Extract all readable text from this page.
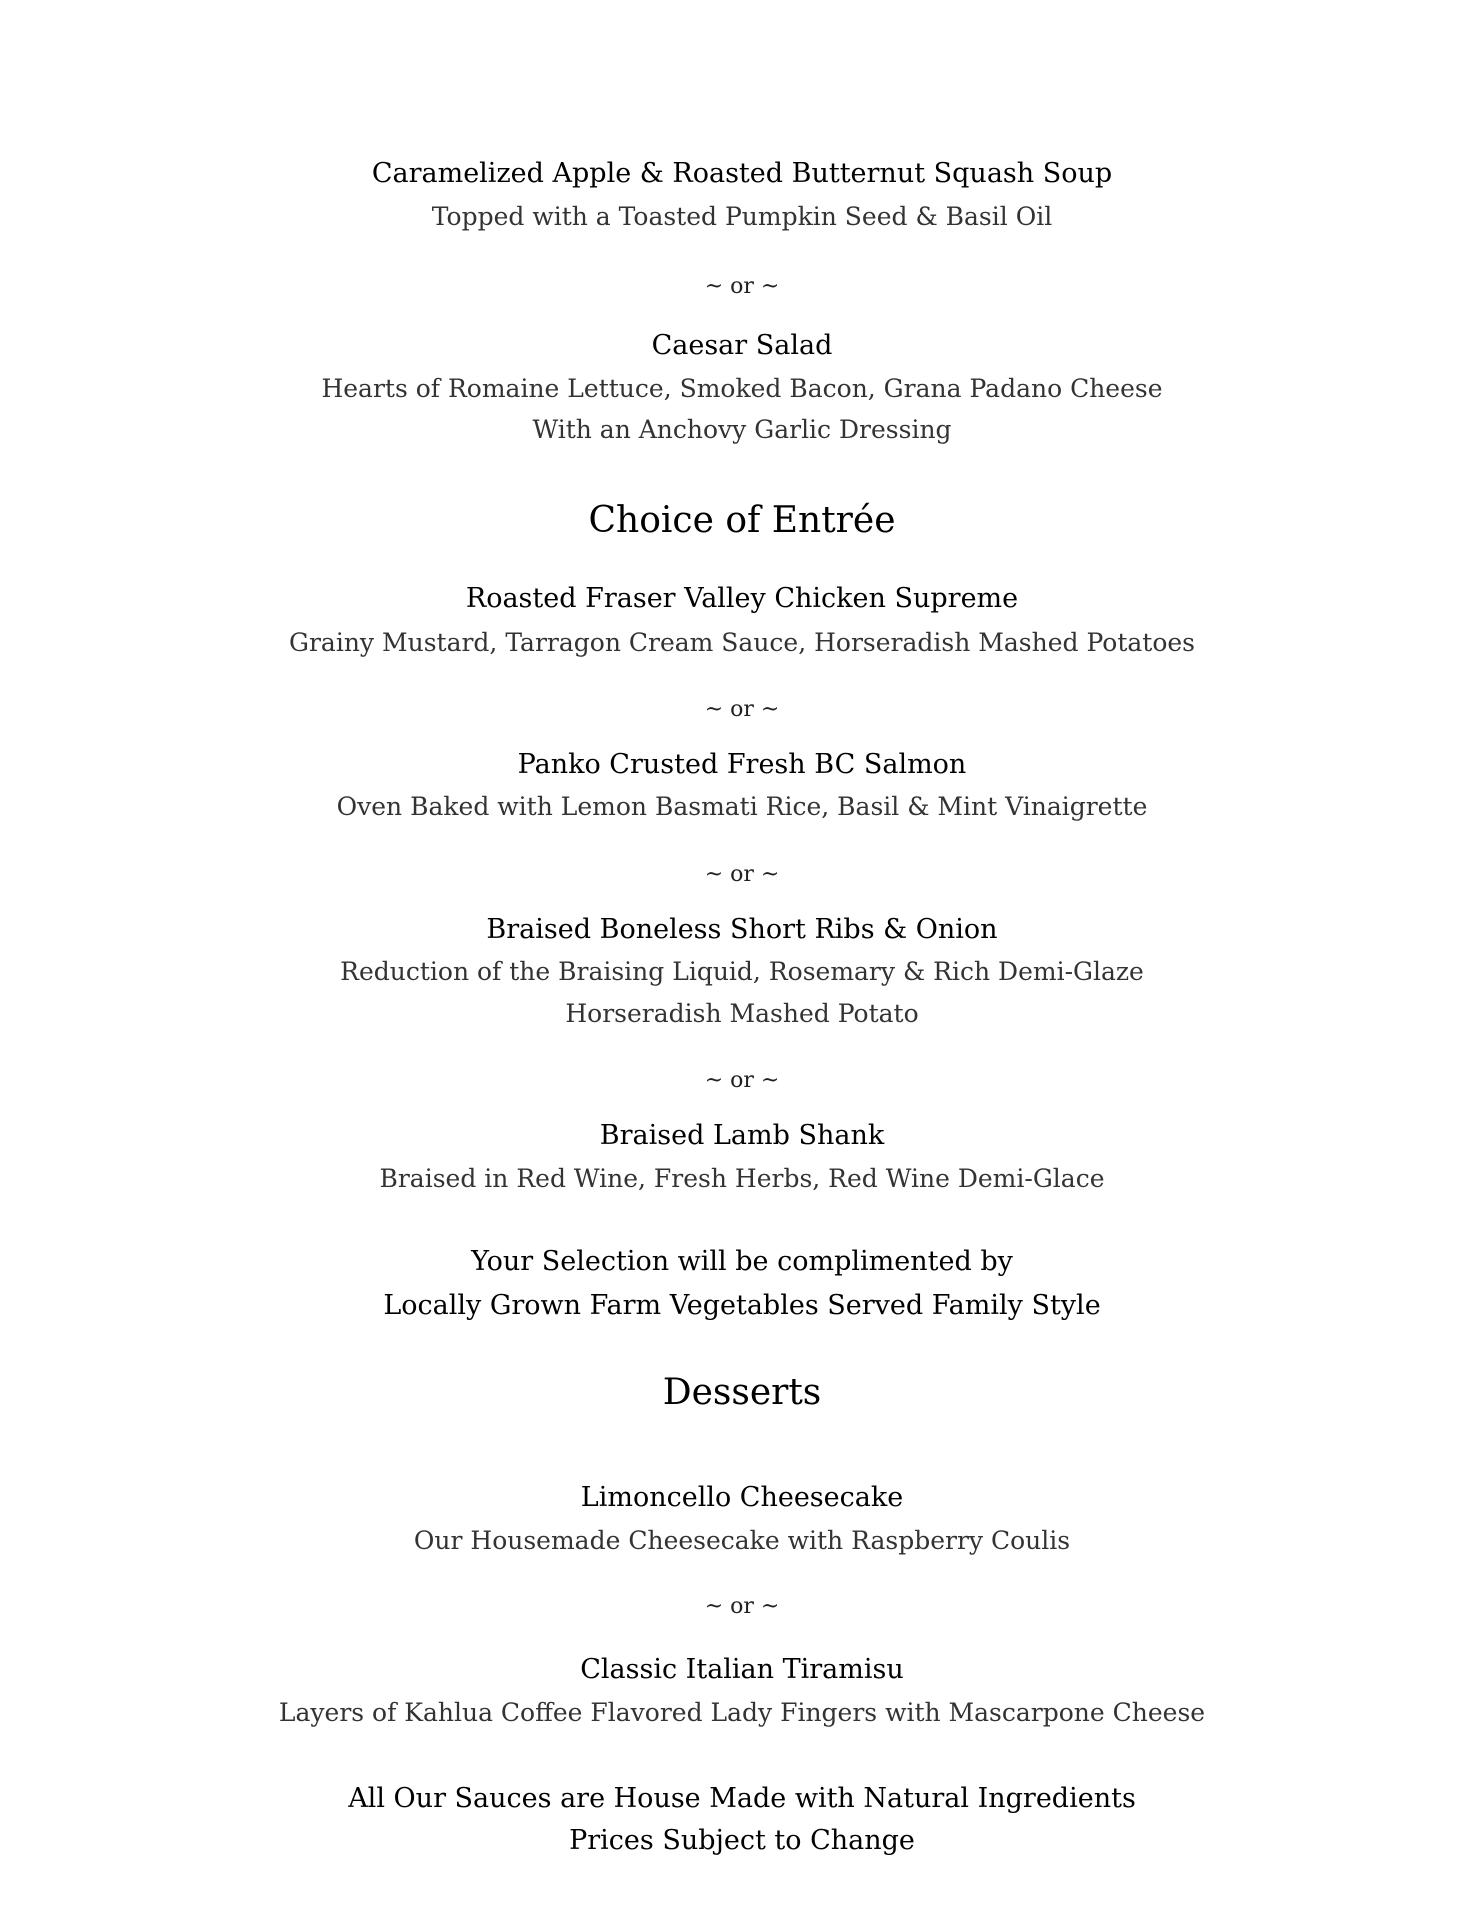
Caramelized Apple & Roasted Butternut Squash Soup
Topped with a Toasted Pumpkin Seed & Basil Oil
~ or ~
Caesar Salad
Hearts of Romaine Lettuce, Smoked Bacon, Grana Padano Cheese
With an Anchovy Garlic Dressing
Choice of Entrée
Roasted Fraser Valley Chicken Supreme
Grainy Mustard, Tarragon Cream Sauce, Horseradish Mashed Potatoes
~ or ~
Panko Crusted Fresh BC Salmon
Oven Baked with Lemon Basmati Rice, Basil & Mint Vinaigrette
~ or ~
Braised Boneless Short Ribs & Onion
Reduction of the Braising Liquid, Rosemary & Rich Demi-Glaze
Horseradish Mashed Potato
~ or ~
Braised Lamb Shank
Braised in Red Wine, Fresh Herbs, Red Wine Demi-Glace
Your Selection will be complimented by
Locally Grown Farm Vegetables Served Family Style
Desserts
Limoncello Cheesecake
Our Housemade Cheesecake with Raspberry Coulis
~ or ~
Classic Italian Tiramisu
Layers of Kahlua Coffee Flavored Lady Fingers with Mascarpone Cheese
All Our Sauces are House Made with Natural Ingredients
Prices Subject to Change
